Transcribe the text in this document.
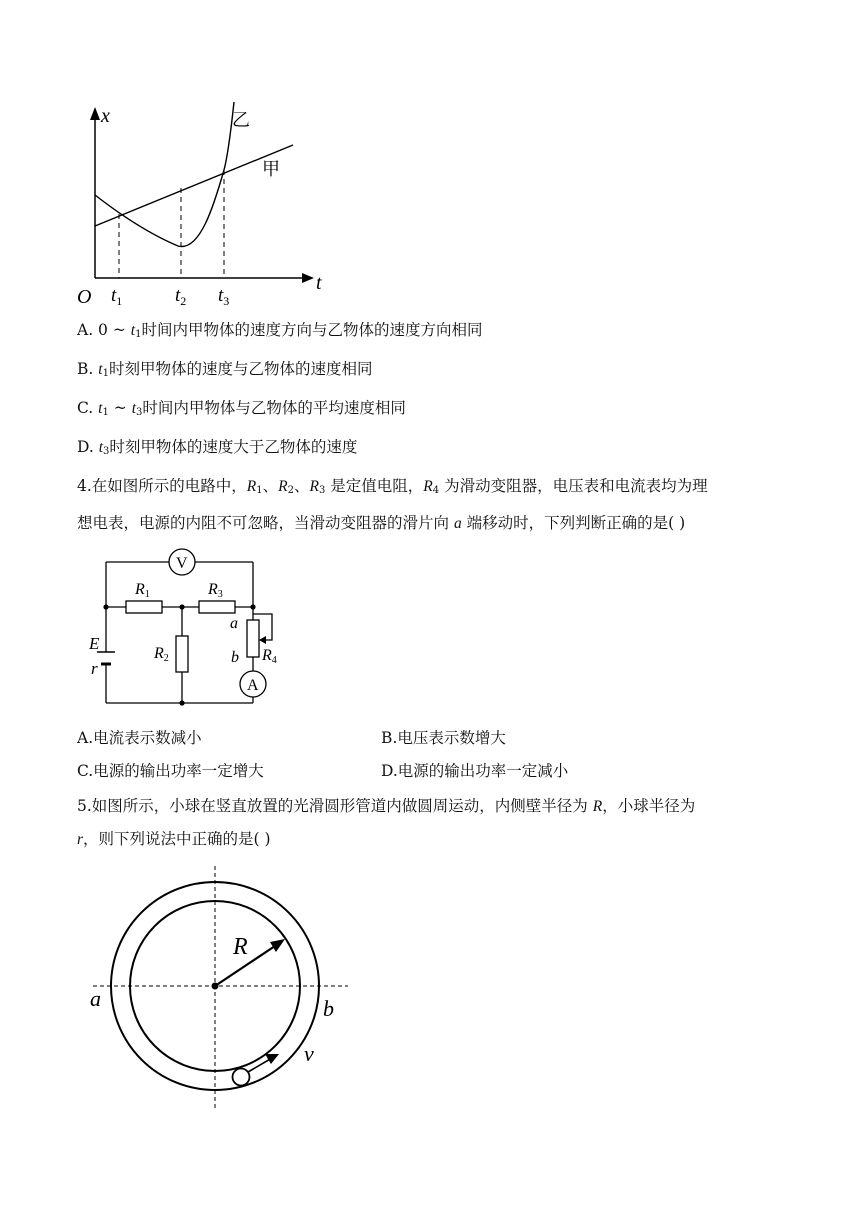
x
t
O
乙
甲
$t_1$	$t_2$ $t_3$
A. 0 ~ $t_1$时间内甲物体的速度方向与乙物体的速度方向相同
B. $t_1$时刻甲物体的速度与乙物体的速度相同
C. $t_1$ ~ $t_3$时间内甲物体与乙物体的平均速度相同
D. $t_3$时刻甲物体的速度大于乙物体的速度
4.在如图所示的电路中，$R_1$、$R_2$、$R_3$ 是定值电阻，$R_4$ 为滑动变阻器，电压表和电流表均为理
想电表，电源的内阻不可忽略，当滑动变阻器的滑片向 a 端移动时，下列判断正确的是( )
V
A
R1	R3
R2	R4
E
r
a
b
A.电流表示数减小	B.电压表示数增大
C.电源的输出功率一定增大	D.电源的输出功率一定减小
5.如图所示，小球在竖直放置的光滑圆形管道内做圆周运动，内侧壁半径为 R，小球半径为
r，则下列说法中正确的是( )
R
a	b
v
